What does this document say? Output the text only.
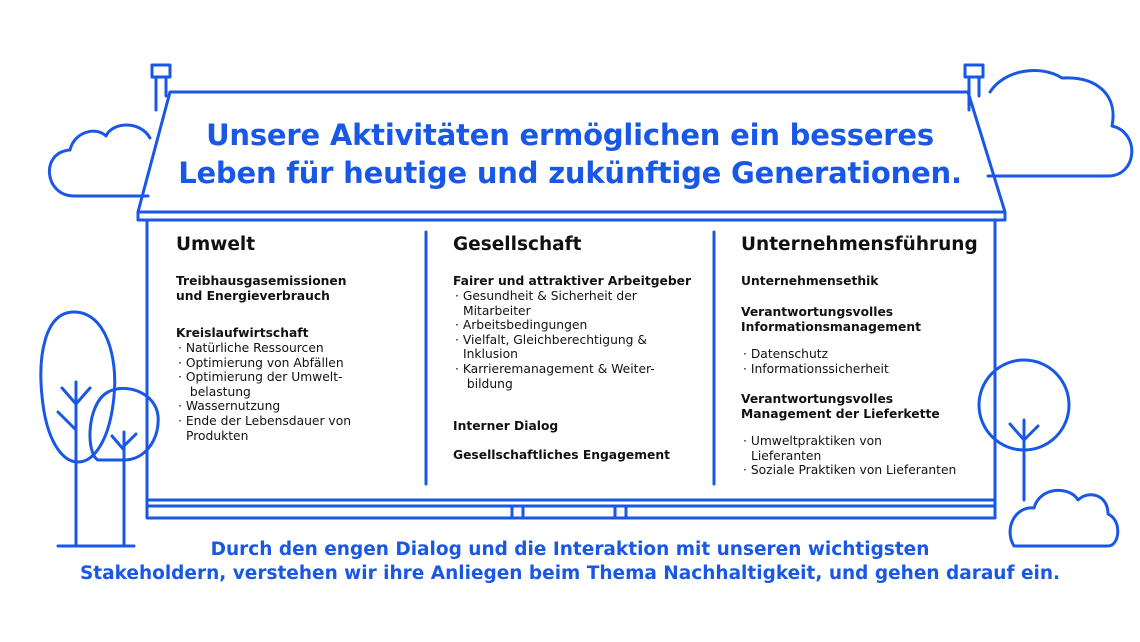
Unsere Aktivitäten ermöglichen ein besseres
Leben für heutige und zukünftige Generationen.
Umwelt
Treibhausgasemissionen
und Energieverbrauch
Kreislaufwirtschaft
· Natürliche Ressourcen
· Optimierung von Abfällen
· Optimierung der Umwelt- belastung
· Wassernutzung
· Ende der Lebensdauer von Produkten
Gesellschaft
Fairer und attraktiver Arbeitgeber
· Gesundheit & Sicherheit der Mitarbeiter
· Arbeitsbedingungen
· Vielfalt, Gleichberechtigung & Inklusion
· Karrieremanagement & Weiter- bildung
Interner Dialog
Gesellschaftliches Engagement
Unternehmensführung
Unternehmensethik
Verantwortungsvolles
Informationsmanagement
· Datenschutz
· Informationssicherheit
Verantwortungsvolles
Management der Lieferkette
· Umweltpraktiken von Lieferanten
· Soziale Praktiken von Lieferanten
Durch den engen Dialog und die Interaktion mit unseren wichtigsten
Stakeholdern, verstehen wir ihre Anliegen beim Thema Nachhaltigkeit, und gehen darauf ein.
